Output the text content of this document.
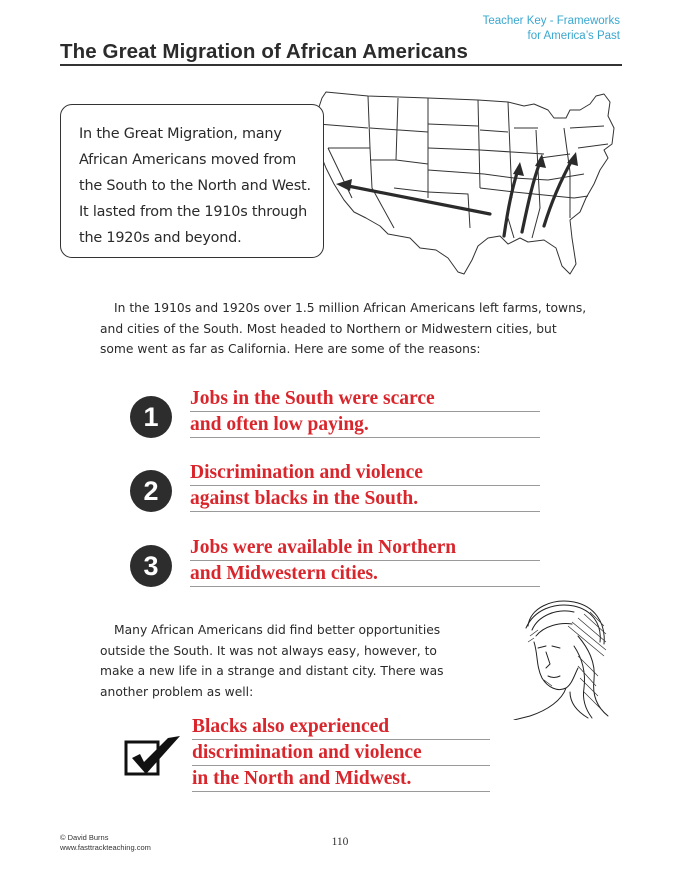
Teacher Key - Frameworks
for America’s Past
The Great Migration of African Americans
In the Great Migration, many
African Americans moved from
the South to the North and West.
It lasted from the 1910s through
the 1920s and beyond.
In the 1910s and 1920s over 1.5 million African Americans left farms, towns,
and cities of the South. Most headed to Northern or Midwestern cities, but
some went as far as California. Here are some of the reasons:
1
Jobs in the South were scarce
and often low paying.
2
Discrimination and violence
against blacks in the South.
3
Jobs were available in Northern
and Midwestern cities.
Many African Americans did find better opportunities
outside the South. It was not always easy, however, to
make a new life in a strange and distant city. There was
another problem as well:
Blacks also experienced
discrimination and violence
in the North and Midwest.
© David Burns
www.fasttrackteaching.com	110
